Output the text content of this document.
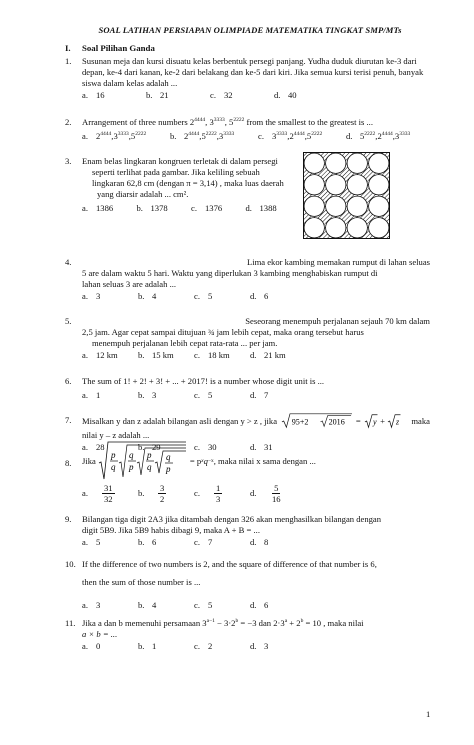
SOAL LATIHAN PERSIAPAN OLIMPIADE MATEMATIKA TINGKAT SMP/MTs
I. Soal Pilihan Ganda
1. Susunan meja dan kursi disuatu kelas berbentuk persegi panjang. Yudha duduk diurutan ke-3 dari depan, ke-4 dari kanan, ke-2 dari belakang dan ke-5 dari kiri. Jika semua kursi terisi penuh, banyak siswa dalam kelas adalah ...
a. 16	b. 21	c. 32	d. 40
2. Arrangement of three numbers $2^{4444}$, $3^{3333}$, $5^{2222}$ from the smallest to the greatest is ...
a. $2^{4444},3^{3333},5^{2222}$	b. $2^{4444},5^{2222},3^{3333}$	c. $3^{3333},2^{4444},5^{2222}$	d. $5^{2222},2^{4444},3^{3333}$
3. Enam belas lingkaran kongruen terletak di dalam persegi
seperti terlihat pada gambar. Jika keliling sebuah
lingkaran 62,8 cm (dengan π = 3,14) , maka luas daerah
yang diarsir adalah ... cm².
a. 1386	b. 1378	c. 1376	d. 1388
4.	Lima ekor kambing memakan rumput di lahan seluas
5 are dalam waktu 5 hari. Waktu yang diperlukan 3 kambing menghabiskan rumput di
lahan seluas 3 are adalah ...
a. 3	b. 4	c. 5	d. 6
5.	Seseorang menempuh perjalanan sejauh 70 km dalam
2,5 jam. Agar cepat sampai ditujuan ¾ jam lebih cepat, maka orang tersebut harus
menempuh perjalanan lebih cepat rata-rata ... per jam.
a. 12 km	b. 15 km	c. 18 km	d. 21 km
6. The sum of 1! + 2! + 3! + ... + 2017! is a number whose digit unit is ...
a. 1	b. 3	c. 5	d. 7
7. Misalkan y dan z adalah bilangan asli dengan y > z , jika 95+2 2016 = y + z maka
nilai y – z adalah ...
a. 28	b. 29	c. 30	d. 31
8. Jika
p
q
q
p
p
q
q
p
= p x q −x , maka nilai x sama dengan ...
a.	$\frac{31}{32}$	b.	$\frac{3}{2}$	c.	$\frac{1}{3}$	d.	$\frac{5}{16}$
9. Bilangan tiga digit 2A3 jika ditambah dengan 326 akan menghasilkan bilangan dengan
digit 5B9. Jika 5B9 habis dibagi 9, maka A + B = ...
a. 5	b. 6	c. 7	d. 8
10. If the difference of two numbers is 2, and the square of difference of that number is 6,
then the sum of those number is ...
a. 3	b. 4	c. 5	d. 6
11. Jika a dan b memenuhi persamaan $3^{a-1} - 3\cdot 2^b = -3$ dan $2\cdot 3^a + 2^b = 10$ , maka nilai
a × b = ...
a. 0	b. 1	c. 2	d. 3
1
